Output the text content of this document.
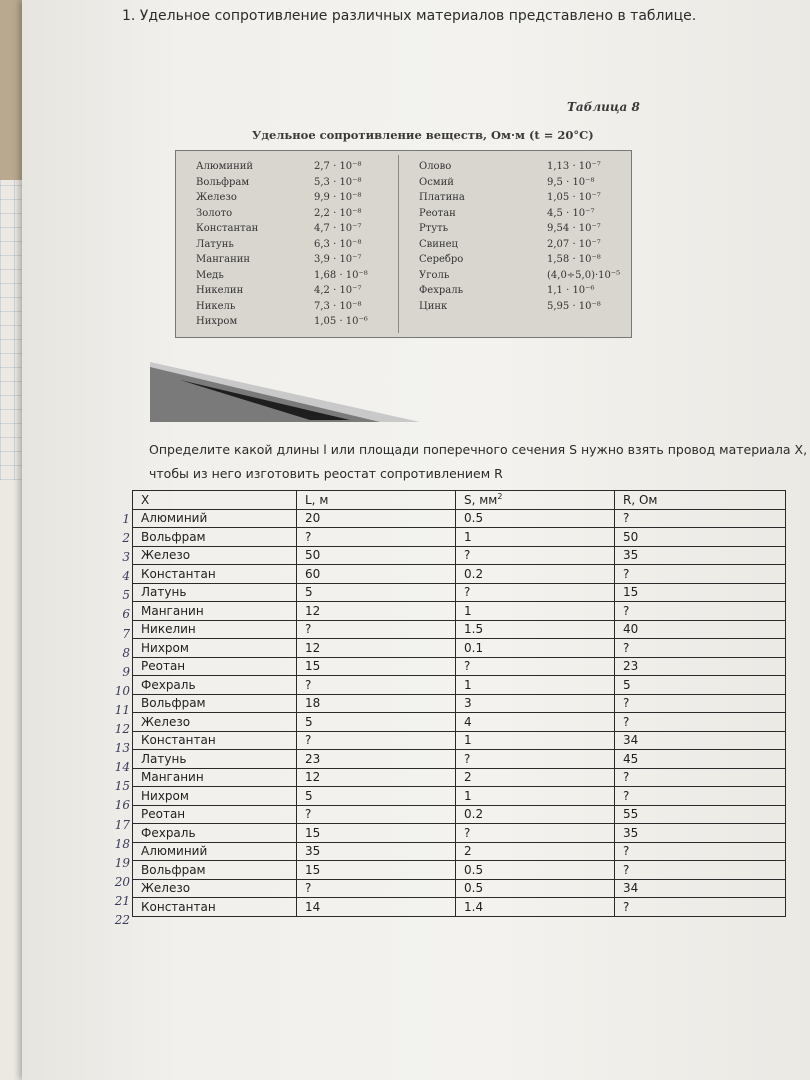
1. Удельное сопротивление различных материалов представлено в таблице.
Таблица 8
Удельное сопротивление веществ, Ом·м (t = 20°C)
Алюминий	2,7 · 10⁻⁸
Вольфрам	5,3 · 10⁻⁸
Железо	9,9 · 10⁻⁸
Золото	2,2 · 10⁻⁸
Константан	4,7 · 10⁻⁷
Латунь	6,3 · 10⁻⁸
Манганин	3,9 · 10⁻⁷
Медь	1,68 · 10⁻⁸
Никелин	4,2 · 10⁻⁷
Никель	7,3 · 10⁻⁸
Нихром	1,05 · 10⁻⁶
Олово	1,13 · 10⁻⁷
Осмий	9,5 · 10⁻⁸
Платина	1,05 · 10⁻⁷
Реотан	4,5 · 10⁻⁷
Ртуть	9,54 · 10⁻⁷
Свинец	2,07 · 10⁻⁷
Серебро	1,58 · 10⁻⁸
Уголь	(4,0÷5,0)·10⁻⁵
Фехраль	1,1 · 10⁻⁶
Цинк	5,95 · 10⁻⁸
Определите какой длины l или площади поперечного сечения S нужно взять провод материала X,
чтобы из него изготовить реостат сопротивлением R
1
2
3
4
5
6
7
8
9
10
11
12
13
14
15
16
17
18
19
20
21
22
X	L, м	S, $мм^2$	R, Ом
Алюминий	20	0.5	?
Вольфрам	?	1	50
Железо	50	?	35
Константан	60	0.2	?
Латунь	5	?	15
Манганин	12	1	?
Никелин	?	1.5	40
Нихром	12	0.1	?
Реотан	15	?	23
Фехраль	?	1	5
Вольфрам	18	3	?
Железо	5	4	?
Константан	?	1	34
Латунь	23	?	45
Манганин	12	2	?
Нихром	5	1	?
Реотан	?	0.2	55
Фехраль	15	?	35
Алюминий	35	2	?
Вольфрам	15	0.5	?
Железо	?	0.5	34
Константан	14	1.4	?
